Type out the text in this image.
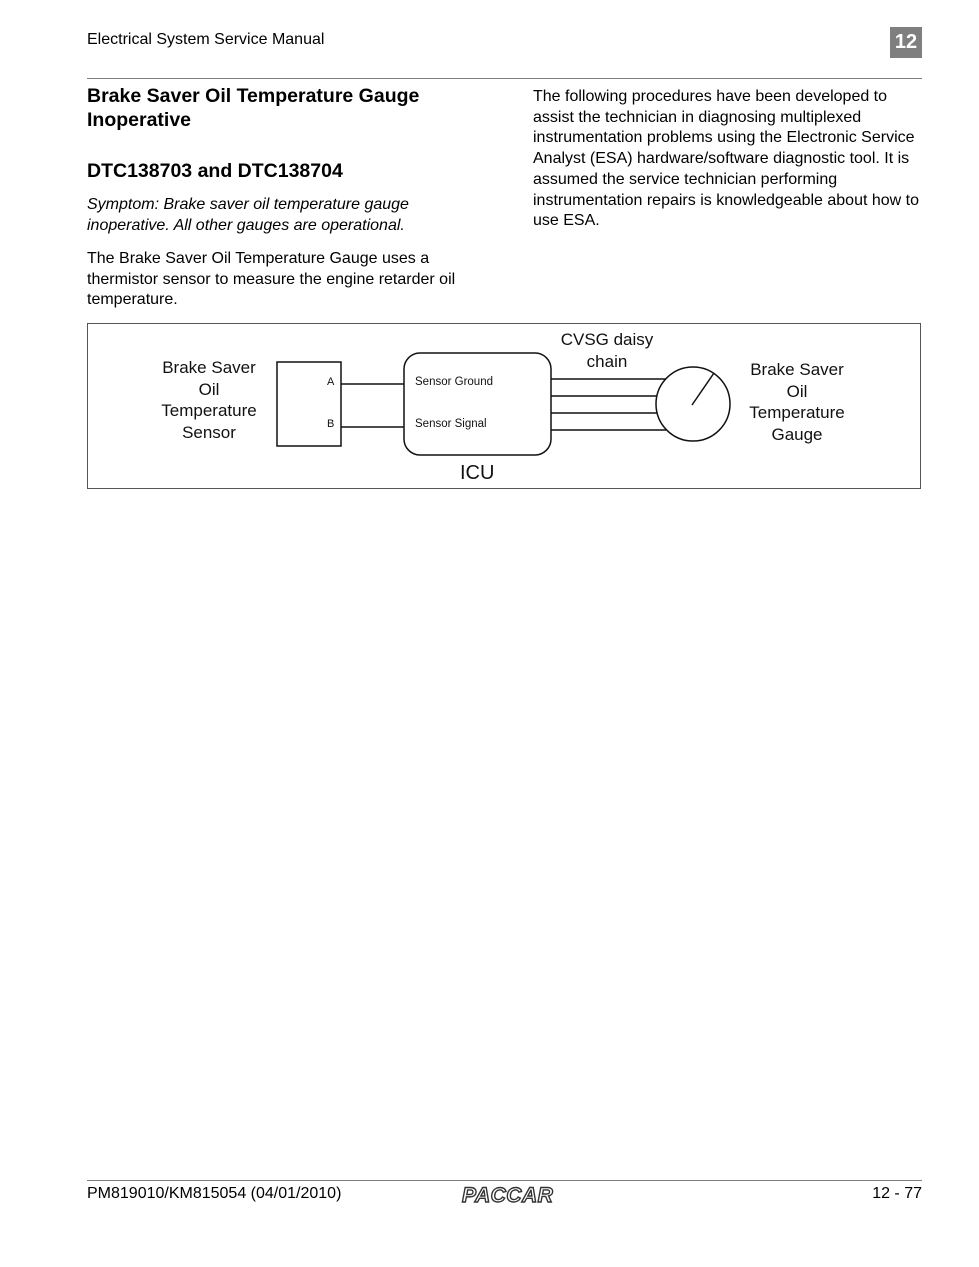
Electrical System Service Manual	12
Brake Saver Oil Temperature Gauge Inoperative
DTC138703 and DTC138704

Symptom: Brake saver oil temperature gauge inoperative. All other gauges are operational.

The Brake Saver Oil Temperature Gauge uses a thermistor sensor to measure the engine retarder oil temperature.

The following procedures have been developed to assist the technician in diagnosing multiplexed instrumentation problems using the Electronic Service Analyst (ESA) hardware/software diagnostic tool. It is assumed the service technician performing instrumentation repairs is knowledgeable about how to use ESA.

Brake Saver
Oil
Temperature
Sensor
A
B
Sensor Ground
Sensor Signal
ICU
CVSG daisy
chain	Brake Saver
Oil
Temperature
Gauge
PM819010/KM815054 (04/01/2010)	PACCAR	12 - 77
